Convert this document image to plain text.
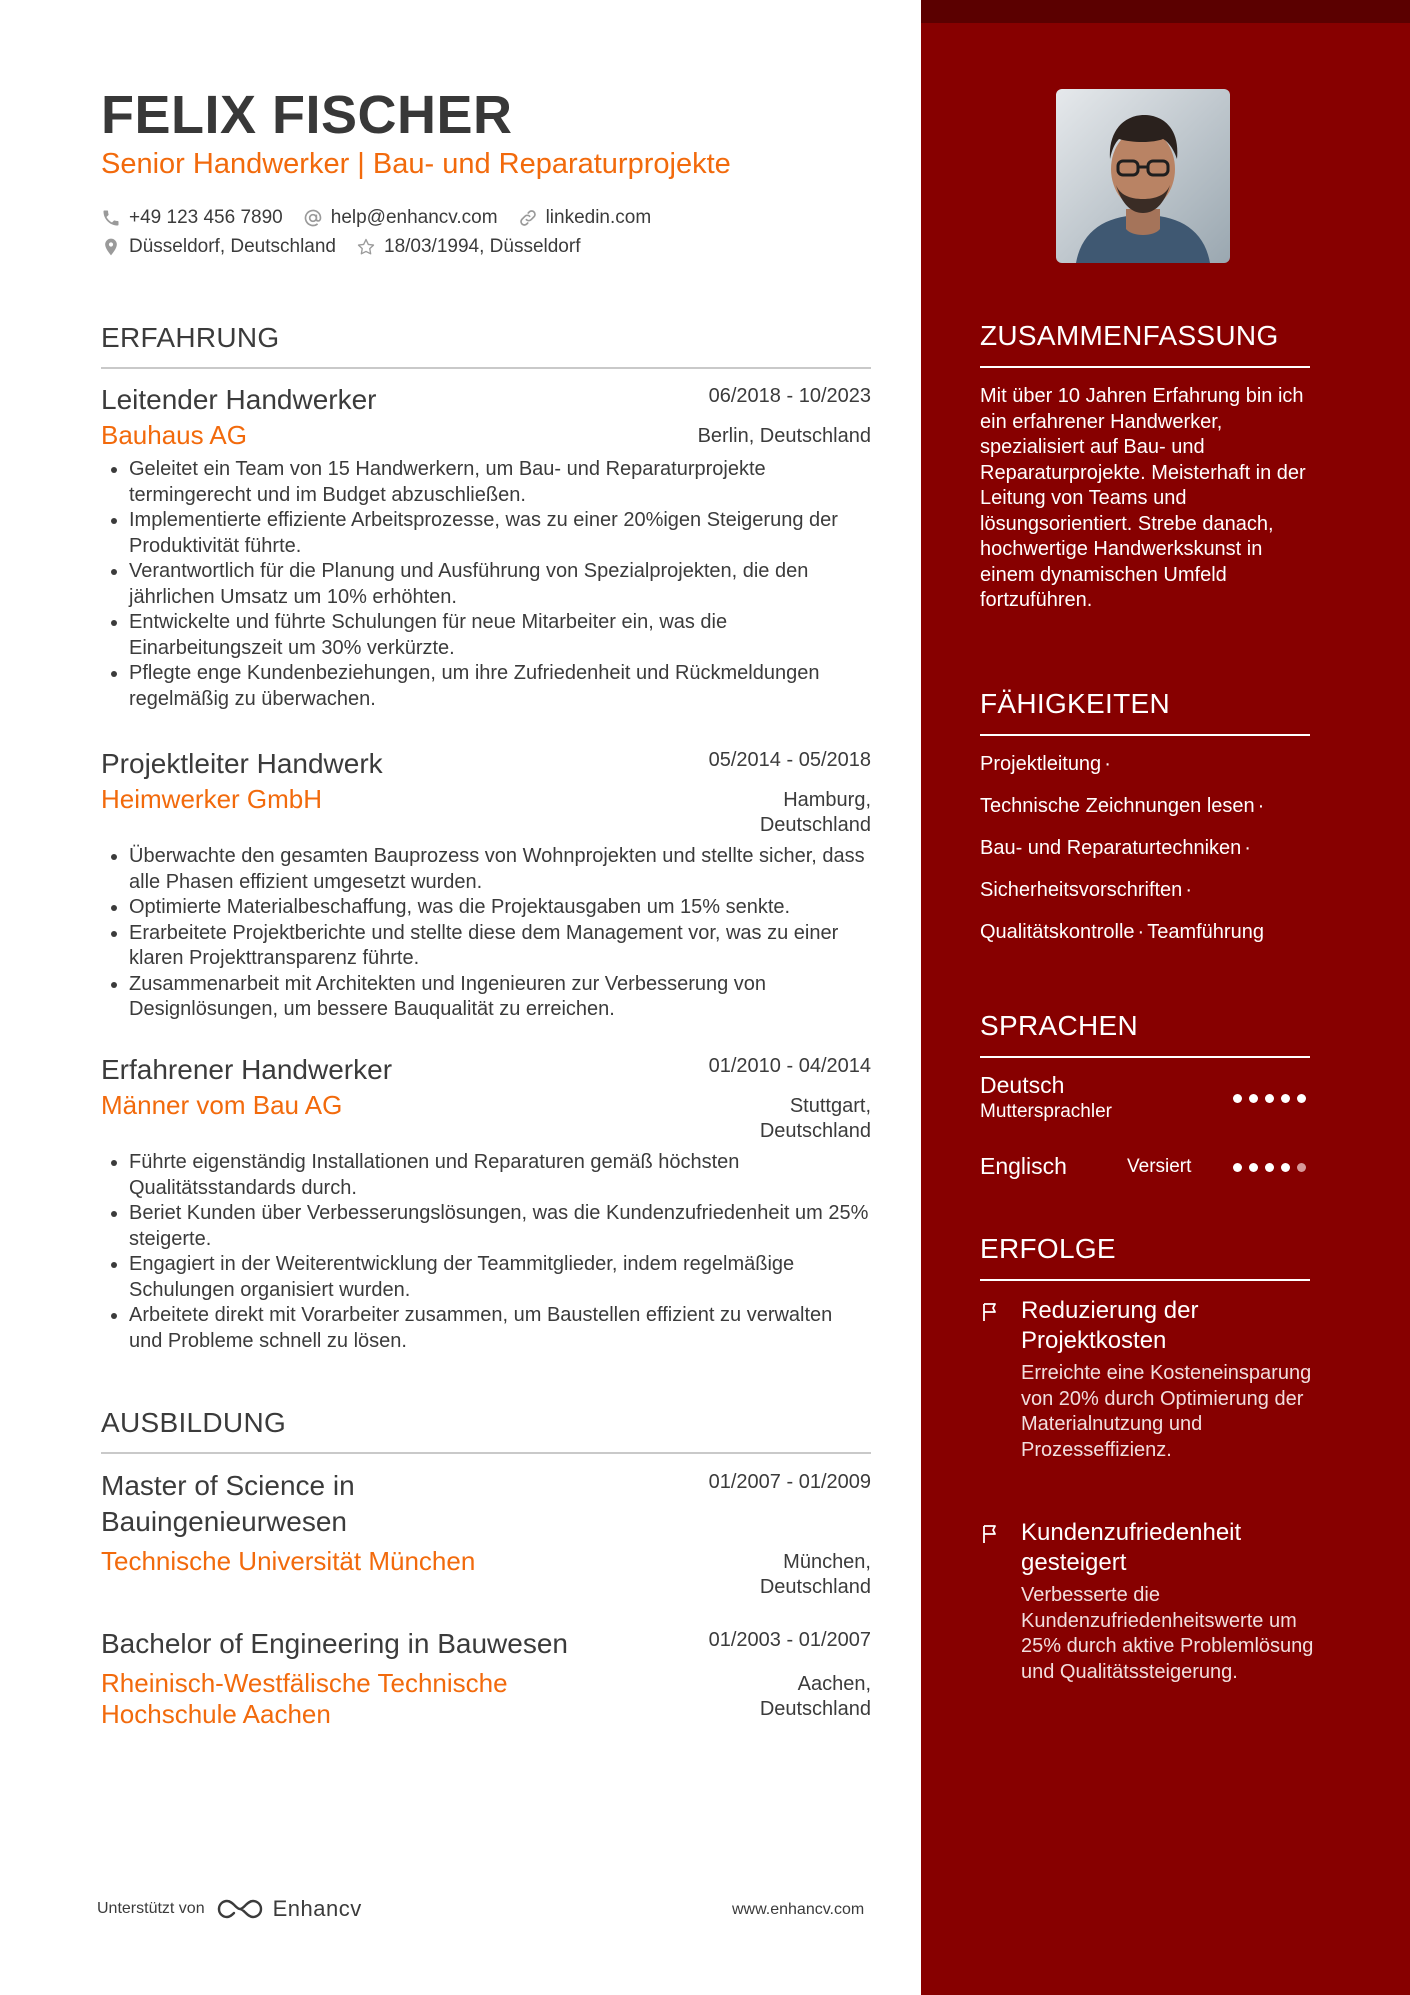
FELIX FISCHER
Senior Handwerker | Bau- und Reparaturprojekte
+49 123 456 7890	help@enhancv.com	linkedin.com
Düsseldorf, Deutschland	18/03/1994, Düsseldorf
ERFAHRUNG
Leitender Handwerker	06/2018 - 10/2023
Bauhaus AG	Berlin, Deutschland
• Geleitet ein Team von 15 Handwerkern, um Bau- und Reparaturprojekte termingerecht und im Budget abzuschließen.
• Implementierte effiziente Arbeitsprozesse, was zu einer 20%igen Steigerung der Produktivität führte.
• Verantwortlich für die Planung und Ausführung von Spezialprojekten, die den jährlichen Umsatz um 10% erhöhten.
• Entwickelte und führte Schulungen für neue Mitarbeiter ein, was die Einarbeitungszeit um 30% verkürzte.
• Pflegte enge Kundenbeziehungen, um ihre Zufriedenheit und Rückmeldungen regelmäßig zu überwachen.
Projektleiter Handwerk	05/2014 - 05/2018
Heimwerker GmbH	Hamburg,
Deutschland
• Überwachte den gesamten Bauprozess von Wohnprojekten und stellte sicher, dass alle Phasen effizient umgesetzt wurden.
• Optimierte Materialbeschaffung, was die Projektausgaben um 15% senkte.
• Erarbeitete Projektberichte und stellte diese dem Management vor, was zu einer klaren Projekttransparenz führte.
• Zusammenarbeit mit Architekten und Ingenieuren zur Verbesserung von Designlösungen, um bessere Bauqualität zu erreichen.
Erfahrener Handwerker	01/2010 - 04/2014
Männer vom Bau AG	Stuttgart,
Deutschland
• Führte eigenständig Installationen und Reparaturen gemäß höchsten Qualitätsstandards durch.
• Beriet Kunden über Verbesserungslösungen, was die Kundenzufriedenheit um 25% steigerte.
• Engagiert in der Weiterentwicklung der Teammitglieder, indem regelmäßige Schulungen organisiert wurden.
• Arbeitete direkt mit Vorarbeiter zusammen, um Baustellen effizient zu verwalten und Probleme schnell zu lösen.
AUSBILDUNG
Master of Science in
Bauingenieurwesen
01/2007 - 01/2009
Technische Universität München	München,
Deutschland
Bachelor of Engineering in Bauwesen	01/2003 - 01/2007
Rheinisch-Westfälische Technische
Hochschule Aachen
Aachen,
Deutschland
Unterstützt von	Enhancv	www.enhancv.com
ZUSAMMENFASSUNG
Mit über 10 Jahren Erfahrung bin ich ein erfahrener Handwerker, spezialisiert auf Bau- und Reparaturprojekte. Meisterhaft in der Leitung von Teams und lösungsorientiert. Strebe danach, hochwertige Handwerkskunst in einem dynamischen Umfeld fortzuführen.
FÄHIGKEITEN
Projektleitung ·
Technische Zeichnungen lesen ·
Bau- und Reparaturtechniken ·
Sicherheitsvorschriften ·
Qualitätskontrolle · Teamführung
SPRACHEN
Deutsch
Muttersprachler
Englisch	Versiert
ERFOLGE
Reduzierung der Projektkosten
Erreichte eine Kosteneinsparung von 20% durch Optimierung der Materialnutzung und Prozesseffizienz.
Kundenzufriedenheit gesteigert
Verbesserte die Kundenzufriedenheitswerte um 25% durch aktive Problemlösung und Qualitätssteigerung.
